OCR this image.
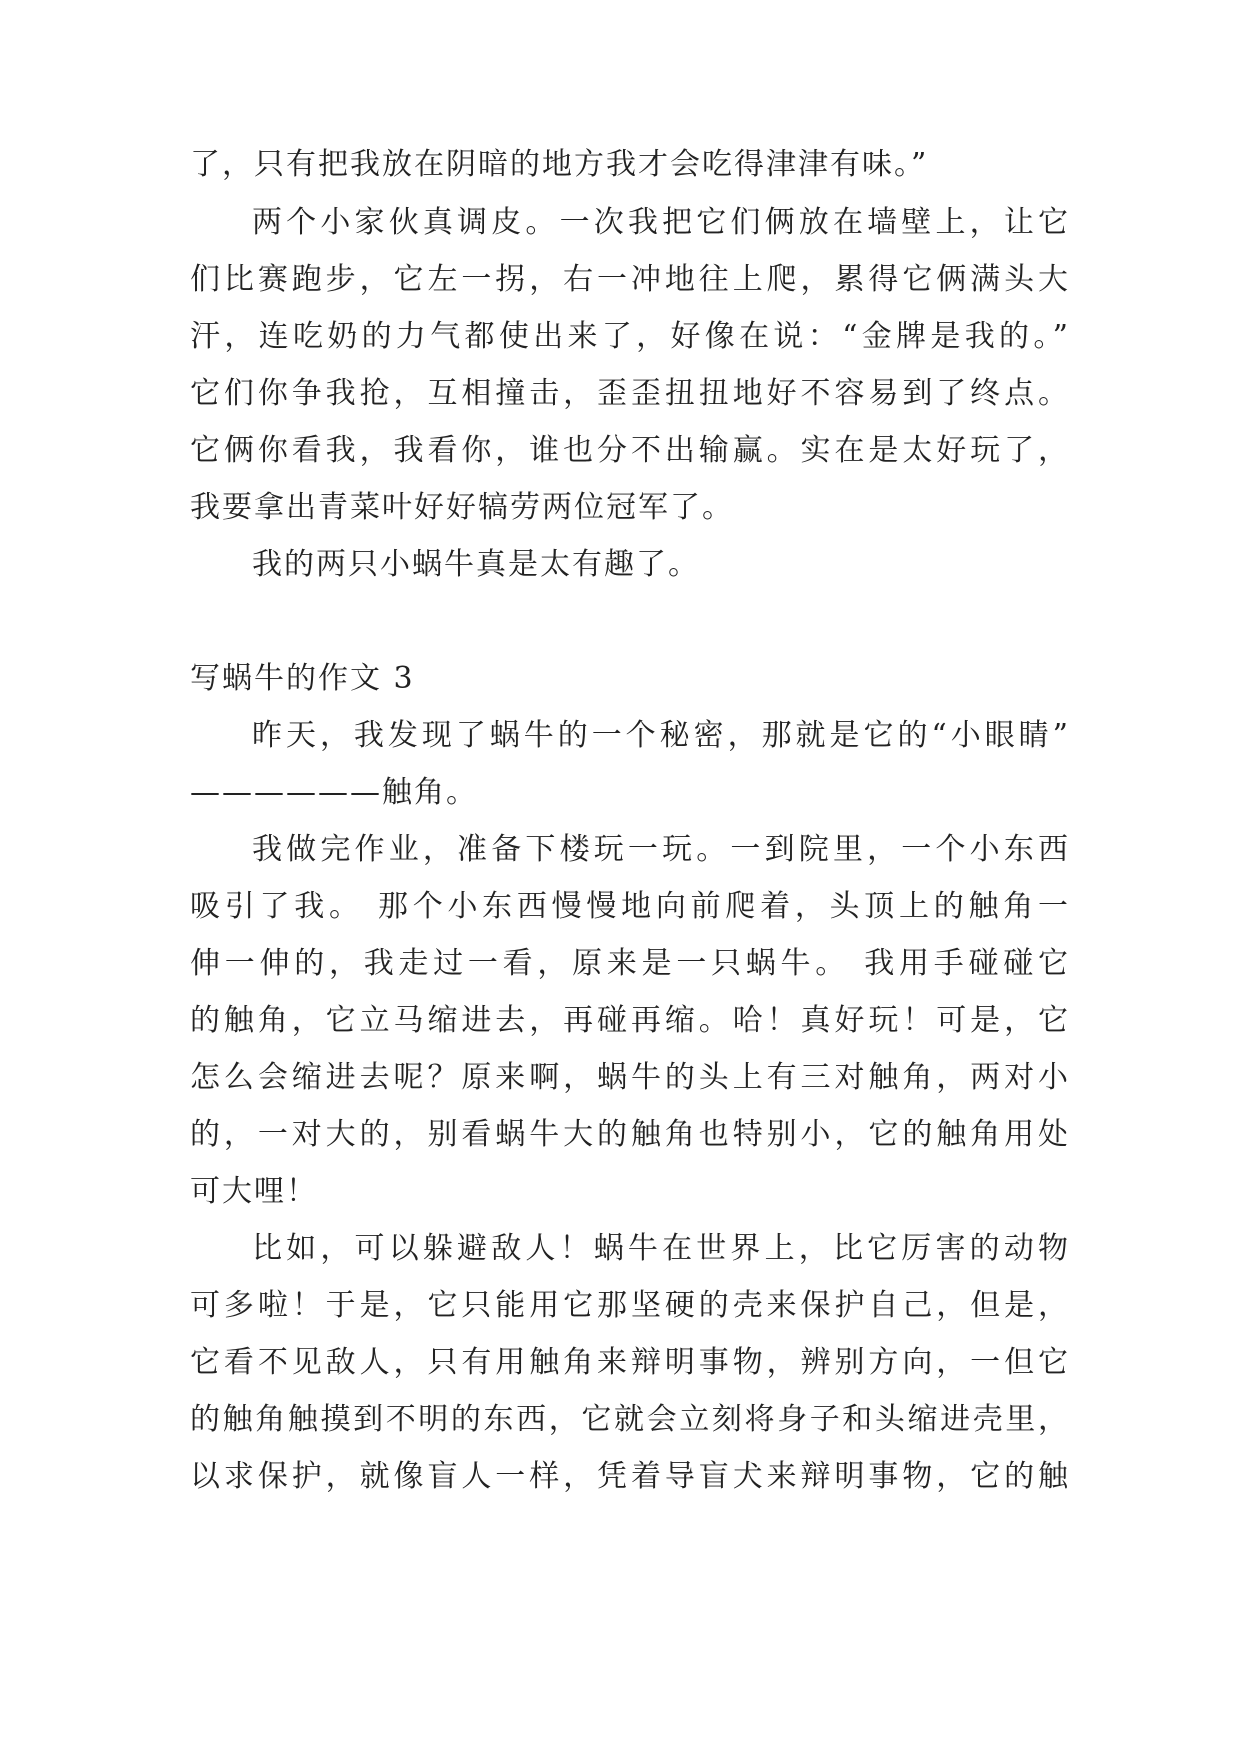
了，只有把我放在阴暗的地方我才会吃得津津有味。”
两个小家伙真调皮。一次我把它们俩放在墙壁上，让它
们比赛跑步，它左一拐，右一冲地往上爬，累得它俩满头大
汗，连吃奶的力气都使出来了，好像在说：“金牌是我的。”
它们你争我抢，互相撞击，歪歪扭扭地好不容易到了终点。
它俩你看我，我看你，谁也分不出输赢。实在是太好玩了，
我要拿出青菜叶好好犒劳两位冠军了。
我的两只小蜗牛真是太有趣了。
写蜗牛的作文 3
昨天，我发现了蜗牛的一个秘密，那就是它的“小眼睛”
——————触角。
我做完作业，准备下楼玩一玩。一到院里，一个小东西
吸引了我。 那个小东西慢慢地向前爬着，头顶上的触角一
伸一伸的，我走过一看，原来是一只蜗牛。 我用手碰碰它
的触角，它立马缩进去，再碰再缩。哈！真好玩！可是，它
怎么会缩进去呢？原来啊，蜗牛的头上有三对触角，两对小
的，一对大的，别看蜗牛大的触角也特别小，它的触角用处
可大哩！
比如，可以躲避敌人！蜗牛在世界上，比它厉害的动物
可多啦！于是，它只能用它那坚硬的壳来保护自己，但是，
它看不见敌人，只有用触角来辩明事物，辨别方向，一但它
的触角触摸到不明的东西，它就会立刻将身子和头缩进壳里，
以求保护，就像盲人一样，凭着导盲犬来辩明事物，它的触
